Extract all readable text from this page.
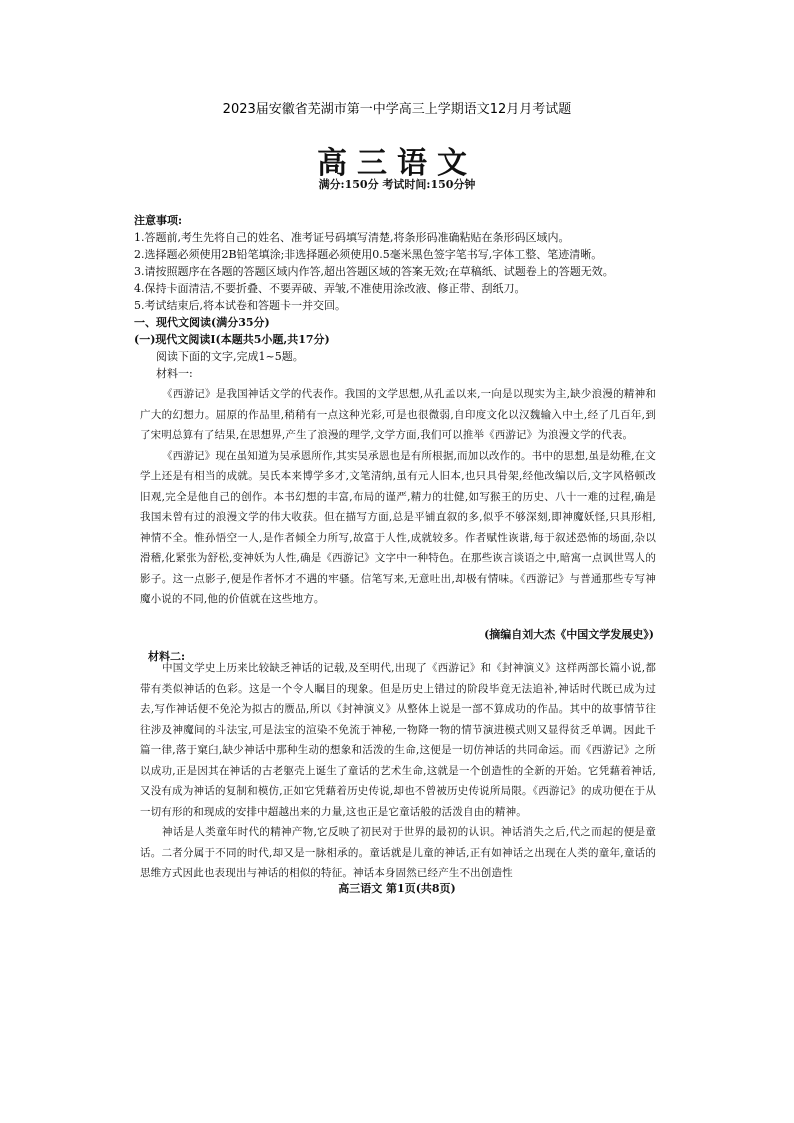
2023届安徽省芜湖市第一中学高三上学期语文12月月考试题
高三语文
满分:150分 考试时间:150分钟
注意事项:
1.答题前,考生先将自己的姓名、准考证号码填写清楚,将条形码准确粘贴在条形码区域内。
2.选择题必须使用2B铅笔填涂;非选择题必须使用0.5毫米黑色签字笔书写,字体工整、笔迹清晰。
3.请按照题序在各题的答题区域内作答,超出答题区域的答案无效;在草稿纸、试题卷上的答题无效。
4.保持卡面清洁,不要折叠、不要弄破、弄皱,不准使用涂改液、修正带、刮纸刀。
5.考试结束后,将本试卷和答题卡一并交回。
一、现代文阅读(满分35分)
(一)现代文阅读Ⅰ(本题共5小题,共17分)
阅读下面的文字,完成1~5题。
材料一:

《西游记》是我国神话文学的代表作。我国的文学思想,从孔孟以来,一向是以现实为主,缺少浪漫的精神和广大的幻想力。屈原的作品里,稍稍有一点这种光彩,可是也很微弱,自印度文化以汉魏输入中土,经了几百年,到了宋明总算有了结果,在思想界,产生了浪漫的理学,文学方面,我们可以推举《西游记》为浪漫文学的代表。

《西游记》现在虽知道为吴承恩所作,其实吴承恩也是有所根据,而加以改作的。书中的思想,虽是幼稚,在文学上还是有相当的成就。吴氏本来博学多才,文笔清纳,虽有元人旧本,也只具骨架,经他改编以后,文字风格顿改旧观,完全是他自己的创作。本书幻想的丰富,布局的谨严,精力的壮健,如写猴王的历史、八十一难的过程,确是我国未曾有过的浪漫文学的伟大收获。但在描写方面,总是平铺直叙的多,似乎不够深刻,即神魔妖怪,只具形相,神情不全。惟孙悟空一人,是作者倾全力所写,故富于人性,成就较多。作者赋性诙谐,每于叙述恐怖的场面,杂以滑稽,化紧张为舒松,变神妖为人性,确是《西游记》文字中一种特色。在那些诙言谈语之中,暗寓一点讽世骂人的影子。这一点影子,便是作者怀才不遇的牢骚。信笔写来,无意吐出,却极有情味。《西游记》与普通那些专写神魔小说的不同,他的价值就在这些地方。

(摘编自刘大杰《中国文学发展史》)
材料二:

中国文学史上历来比较缺乏神话的记载,及至明代,出现了《西游记》和《封神演义》这样两部长篇小说,都带有类似神话的色彩。这是一个令人瞩目的现象。但是历史上错过的阶段毕竟无法追补,神话时代既已成为过去,写作神话便不免沦为拟古的赝品,所以《封神演义》从整体上说是一部不算成功的作品。其中的故事情节往往涉及神魔间的斗法宝,可是法宝的渲染不免流于神秘,一物降一物的情节演进模式则又显得贫乏单调。因此千篇一律,落于窠臼,缺少神话中那种生动的想象和活泼的生命,这便是一切仿神话的共同命运。而《西游记》之所以成功,正是因其在神话的古老躯壳上诞生了童话的艺术生命,这就是一个创造性的全新的开始。它凭藉着神话,又没有成为神话的复制和模仿,正如它凭藉着历史传说,却也不曾被历史传说所局限。《西游记》的成功便在于从一切有形的和现成的安排中超越出来的力量,这也正是它童话般的活泼自由的精神。

神话是人类童年时代的精神产物,它反映了初民对于世界的最初的认识。神话消失之后,代之而起的便是童话。二者分属于不同的时代,却又是一脉相承的。童话就是儿童的神话,正有如神话之出现在人类的童年,童话的思维方式因此也表现出与神话的相似的特征。神话本身固然已经产生不出创造性

高三语文 第1页(共8页)
